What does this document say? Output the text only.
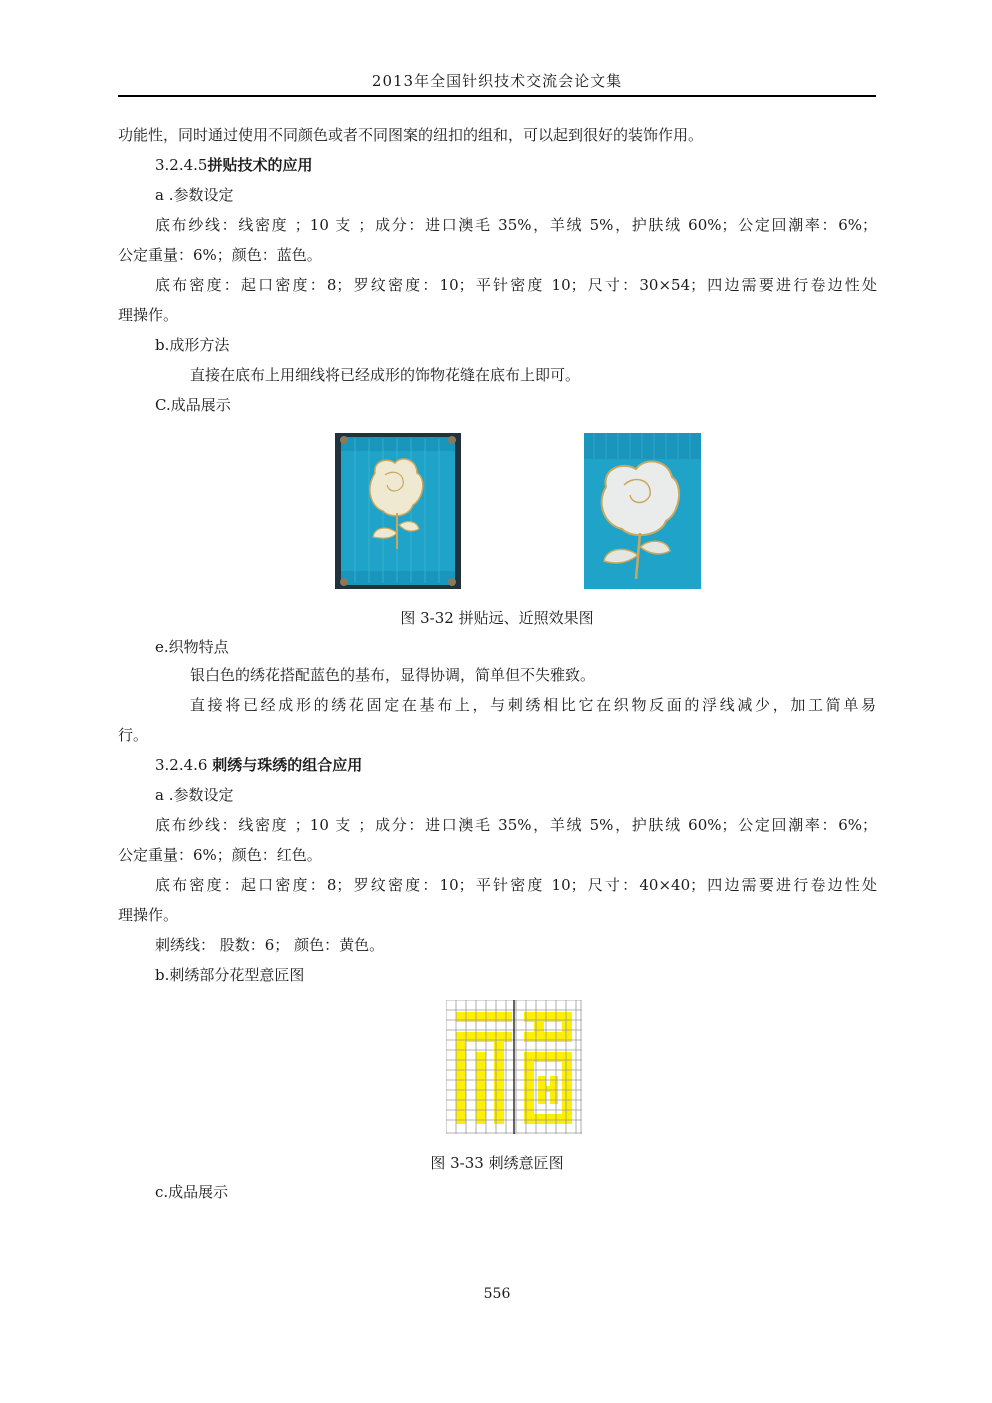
2013年全国针织技术交流会论文集
功能性，同时通过使用不同颜色或者不同图案的纽扣的组和，可以起到很好的装饰作用。
3.2.4.5拼贴技术的应用
a .参数设定
底布纱线：线密度 ；10 支 ；成分：进口澳毛 35%，羊绒 5%，护肤绒 60%；公定回潮率：6%；
公定重量：6%；颜色：蓝色。
底布密度：起口密度：8；罗纹密度：10；平针密度 10；尺寸：30×54；四边需要进行卷边性处
理操作。
b.成形方法
直接在底布上用细线将已经成形的饰物花缝在底布上即可。
C.成品展示
图 3-32 拼贴远、近照效果图
e.织物特点
银白色的绣花搭配蓝色的基布，显得协调，简单但不失雅致。
直接将已经成形的绣花固定在基布上，与刺绣相比它在织物反面的浮线减少，加工简单易
行。
3.2.4.6 刺绣与珠绣的组合应用
a .参数设定
底布纱线：线密度 ；10 支 ；成分：进口澳毛 35%，羊绒 5%，护肤绒 60%；公定回潮率：6%；
公定重量：6%；颜色：红色。
底布密度：起口密度：8；罗纹密度：10；平针密度 10；尺寸：40×40；四边需要进行卷边性处
理操作。
刺绣线： 股数：6； 颜色：黄色。
b.刺绣部分花型意匠图
图 3-33 刺绣意匠图
c.成品展示
556
